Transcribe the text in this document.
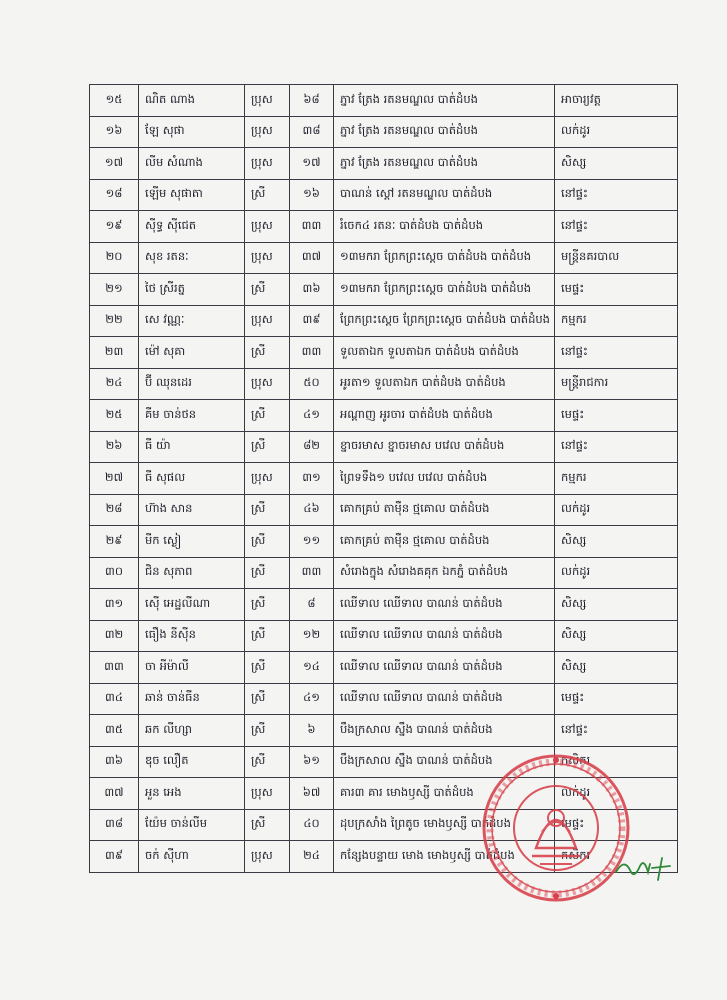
១៥	ណិត ណាង	ប្រុស	៦៨	ភ្នាវ ត្រែង រតនមណ្ឌល បាត់ដំបង	អាចារ្យវត្ត
១៦	ឡែ សុផា	ប្រុស	៣៨	ភ្នាវ ត្រែង រតនមណ្ឌល បាត់ដំបង	លក់ដូរ
១៧	លីម សំណាង	ប្រុស	១៧	ភ្នាវ ត្រែង រតនមណ្ឌល បាត់ដំបង	សិស្ស
១៨	ឡើម សុផាតា	ស្រី	១៦	បាណន់ ស្តៅ រតនមណ្ឌល បាត់ដំបង	នៅផ្ទះ
១៩	ស៊ីទ្ធ ស៊ីជេត	ប្រុស	៣៣	រំចេក៤ រតនៈ បាត់ដំបង បាត់ដំបង	នៅផ្ទះ
២០	សុខ រតនៈ	ប្រុស	៣៧	១៣មករា ព្រែកព្រះស្តេច បាត់ដំបង បាត់ដំបង	មន្ត្រីនគរបាល
២១	ថៃ ស្រីរត្ន	ស្រី	៣៦	១៣មករា ព្រែកព្រះស្តេច បាត់ដំបង បាត់ដំបង	មេផ្ទះ
២២	សេ វណ្ណៈ	ប្រុស	៣៩	ព្រែកព្រះស្តេច ព្រែកព្រះស្តេច បាត់ដំបង បាត់ដំបង	កម្មករ
២៣	ម៉ៅ សុគា	ស្រី	៣៣	ទួលតាឯក ទួលតាឯក បាត់ដំបង បាត់ដំបង	នៅផ្ទះ
២៤	ប៊ី ឈុនដេរ	ប្រុស	៥០	អូរតា១ ទួលតាឯក បាត់ដំបង បាត់ដំបង	មន្ត្រីរាជការ
២៥	គីម ចាន់ថន	ស្រី	៤១	អណ្ដាញ អូរចារ បាត់ដំបង បាត់ដំបង	មេផ្ទះ
២៦	ធី យ៉ា	ស្រី	៨២	ខ្នាចរមាស ខ្នាចរមាស បវេល បាត់ដំបង	នៅផ្ទះ
២៧	ធី សុផល	ប្រុស	៣១	ព្រៃទទឹង១ បវេល បវេល បាត់ដំបង	កម្មករ
២៨	ហ៊ាង សាន	ស្រី	៤៦	គោកគ្រប់ តាម៉ឺន ថ្មគោល បាត់ដំបង	លក់ដូរ
២៩	មីក ស្ងៀ	ស្រី	១១	គោកគ្រប់ តាម៉ឺន ថ្មគោល បាត់ដំបង	សិស្ស
៣០	ជិន សុភាព	ស្រី	៣៣	សំរោងក្នុង សំរោងគគុក ឯកភ្នំ បាត់ដំបង	លក់ដូរ
៣១	ស៊ើ អេដ្ឋលីណា	ស្រី	៨	ឈើទាល ឈើទាល បាណន់ បាត់ដំបង	សិស្ស
៣២	ធឿង នីស៊ីន	ស្រី	១២	ឈើទាល ឈើទាល បាណន់ បាត់ដំបង	សិស្ស
៣៣	ចា អីម៉ាលី	ស្រី	១៤	ឈើទាល ឈើទាល បាណន់ បាត់ដំបង	សិស្ស
៣៤	ឆាន់ ចាន់ធីន	ស្រី	៤១	ឈើទាល ឈើទាល បាណន់ បាត់ដំបង	មេផ្ទះ
៣៥	ឆក លីហ្សា	ស្រី	៦	បឹងក្រសាល ស្នឹង បាណន់ បាត់ដំបង	នៅផ្ទះ
៣៦	ឌុច លឿត	ស្រី	៦១	បឹងក្រសាល ស្នឹង បាណន់ បាត់ដំបង	កសិករ
៣៧	អួន អេង	ប្រុស	៦៧	គារ៣ គារ មោងឫស្សី បាត់ដំបង	លក់ដូរ
៣៨	យ៉ែម ចាន់លីម	ស្រី	៤០	ដុបក្រសាំង ព្រៃតូច មោងឫស្សី បាត់ដំបង	មេផ្ទះ
៣៩	ចក់ ស៊ីហា	ប្រុស	២៤	កន្សែងបន្ទាយ មោង មោងឫស្សី បាត់ដំបង	កសិករ
